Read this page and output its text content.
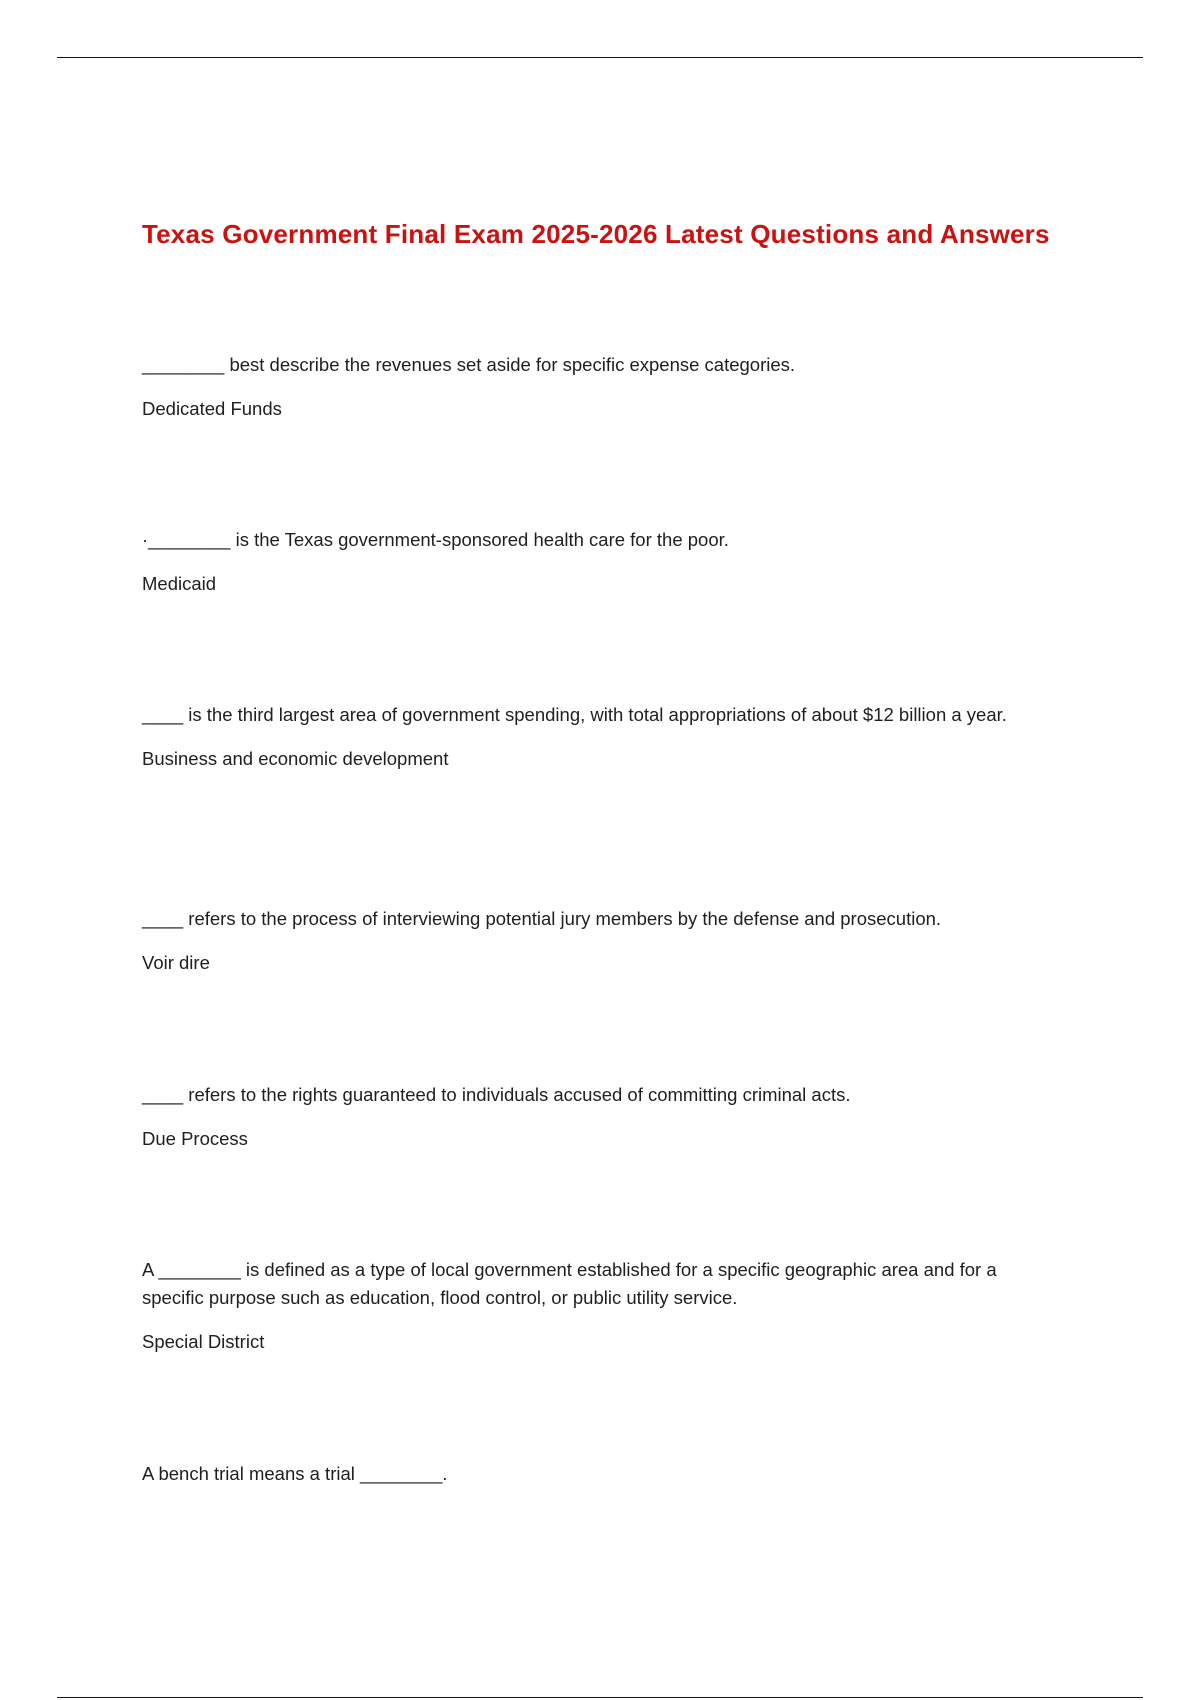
Texas Government Final Exam 2025-2026 Latest Questions and Answers

________ best describe the revenues set aside for specific expense categories.

Dedicated Funds

·________ is the Texas government-sponsored health care for the poor.

Medicaid

____ is the third largest area of government spending, with total appropriations of about $12 billion a year.

Business and economic development

____ refers to the process of interviewing potential jury members by the defense and prosecution.

Voir dire

____ refers to the rights guaranteed to individuals accused of committing criminal acts.

Due Process

A ________ is defined as a type of local government established for a specific geographic area and for a specific purpose such as education, flood control, or public utility service.

Special District

A bench trial means a trial ________.
